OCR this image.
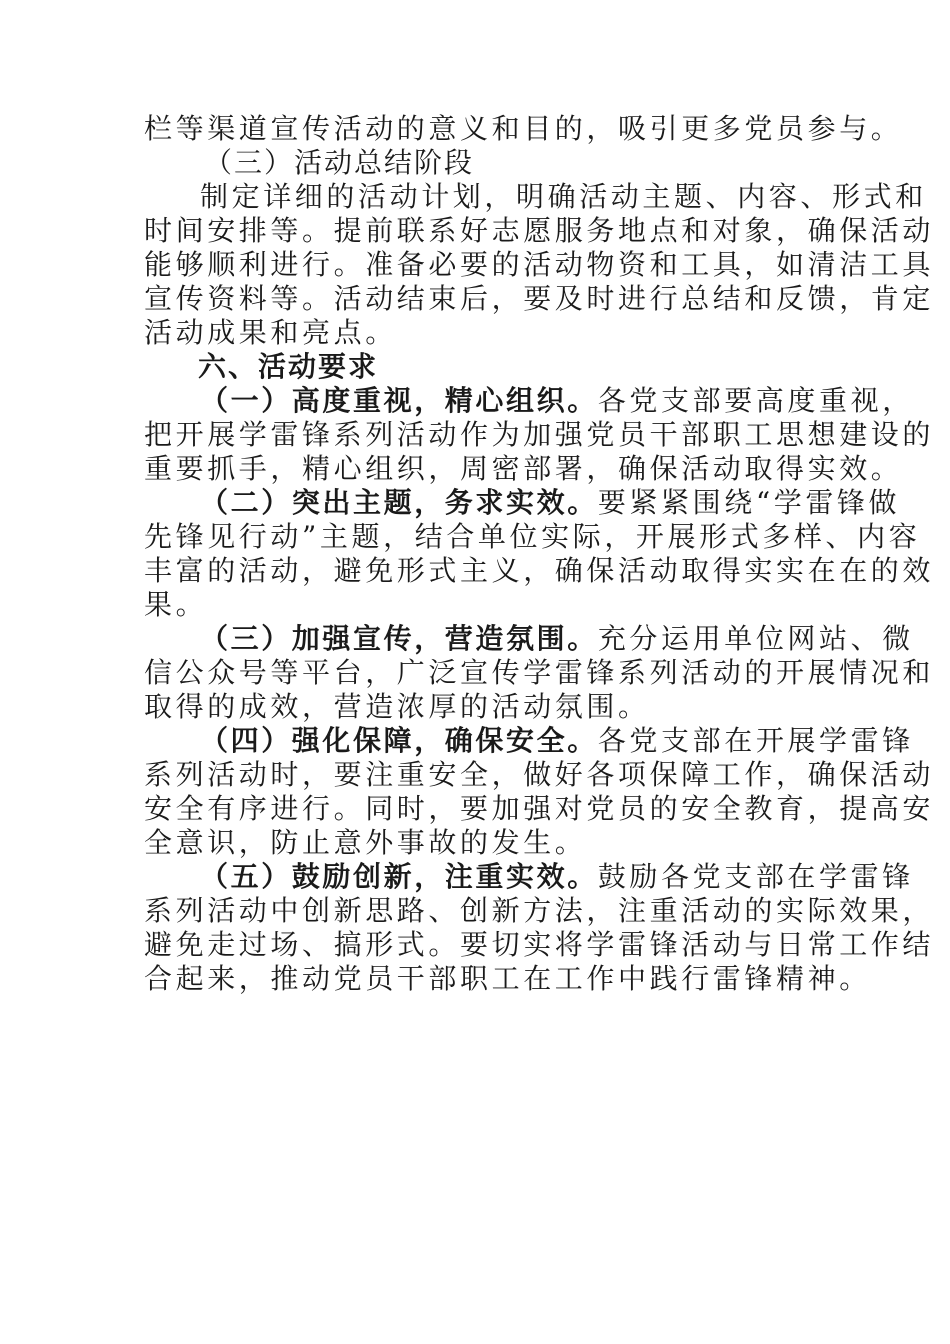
栏等渠道宣传活动的意义和目的，吸引更多党员参与。
（三）活动总结阶段
制定详细的活动计划，明确活动主题、内容、形式和
时间安排等。提前联系好志愿服务地点和对象，确保活动
能够顺利进行。准备必要的活动物资和工具，如清洁工具
宣传资料等。活动结束后，要及时进行总结和反馈，肯定
活动成果和亮点。
六、活动要求
（一）高度重视，精心组织。各党支部要高度重视，
把开展学雷锋系列活动作为加强党员干部职工思想建设的
重要抓手，精心组织，周密部署，确保活动取得实效。
（二）突出主题，务求实效。要紧紧围绕“学雷锋做
先锋见行动”主题，结合单位实际，开展形式多样、内容
丰富的活动，避免形式主义，确保活动取得实实在在的效
果。
（三）加强宣传，营造氛围。充分运用单位网站、微
信公众号等平台，广泛宣传学雷锋系列活动的开展情况和
取得的成效，营造浓厚的活动氛围。
（四）强化保障，确保安全。各党支部在开展学雷锋
系列活动时，要注重安全，做好各项保障工作，确保活动
安全有序进行。同时，要加强对党员的安全教育，提高安
全意识，防止意外事故的发生。
（五）鼓励创新，注重实效。鼓励各党支部在学雷锋
系列活动中创新思路、创新方法，注重活动的实际效果，
避免走过场、搞形式。要切实将学雷锋活动与日常工作结
合起来，推动党员干部职工在工作中践行雷锋精神。
